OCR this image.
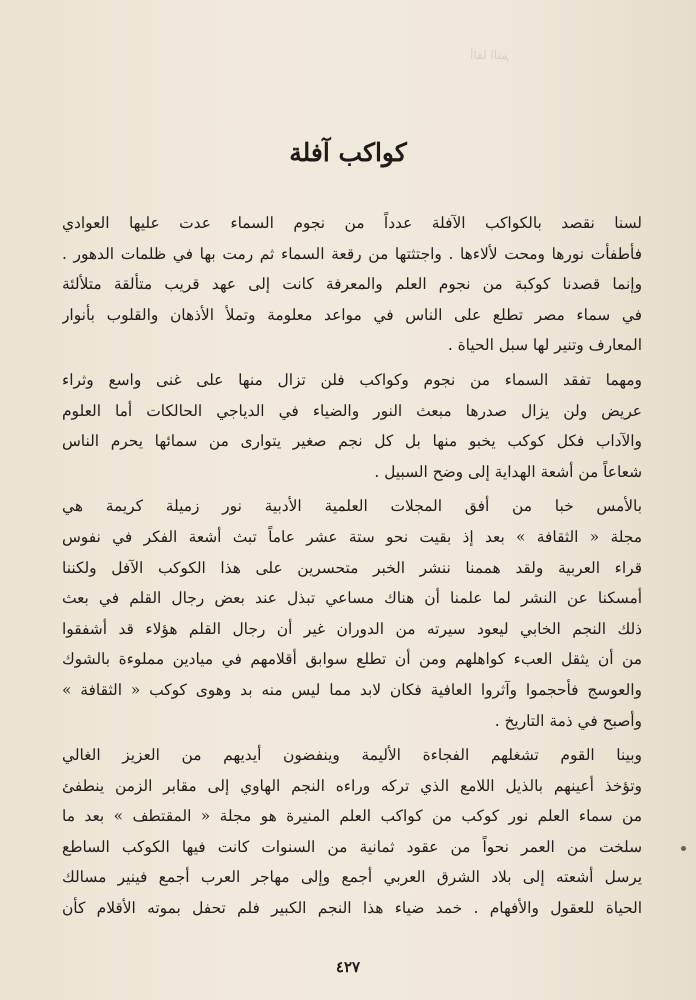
ألقا التم
كواكب آفلة
لسنا نقصد بالكواكب الآفلة عدداً من نجوم السماء عدت عليها العوادي
فأطفأت نورها ومحت لألاءها . واجتثتها من رقعة السماء ثم رمت بها في ظلمات الدهور .
وإنما قصدنا كوكبة من نجوم العلم والمعرفة كانت إلى عهد قريب متألقة متلألئة
في سماء مصر تطلع على الناس في مواعد معلومة وتملأ الأذهان والقلوب بأنوار
المعارف وتنير لها سبل الحياة .
ومهما تفقد السماء من نجوم وكواكب فلن تزال منها على غنى واسع وثراء
عريض ولن يزال صدرها مبعث النور والضياء في الدياجي الحالكات أما العلوم
والآداب فكل كوكب يخبو منها بل كل نجم صغير يتوارى من سمائها يحرم الناس
شعاعاً من أشعة الهداية إلى وضح السبيل .
بالأمس خبا من أفق المجلات العلمية الأدبية نور زميلة كريمة هي
مجلة « الثقافة » بعد إذ بقيت نحو ستة عشر عاماً تبث أشعة الفكر في نفوس
قراء العربية ولقد هممنا ننشر الخبر متحسرين على هذا الكوكب الآفل ولكننا
أمسكنا عن النشر لما علمنا أن هناك مساعي تبذل عند بعض رجال القلم في بعث
ذلك النجم الخابي ليعود سيرته من الدوران غير أن رجال القلم هؤلاء قد أشفقوا
من أن يثقل العبء كواهلهم ومن أن تطلع سوابق أقلامهم في ميادين مملوءة بالشوك
والعوسج فأحجموا وآثروا العافية فكان لابد مما ليس منه بد وهوى كوكب « الثقافة »
وأصبح في ذمة التاريخ .
وبينا القوم تشغلهم الفجاءة الأليمة وينفضون أيديهم من العزيز الغالي
وتؤخذ أعينهم بالذيل اللامع الذي تركه وراءه النجم الهاوي إلى مقابر الزمن ينطفئ
من سماء العلم نور كوكب من كواكب العلم المنيرة هو مجلة « المقتطف » بعد ما
سلخت من العمر نحواً من عقود ثمانية من السنوات كانت فيها الكوكب الساطع
يرسل أشعته إلى بلاد الشرق العربي أجمع وإلى مهاجر العرب أجمع فينير مسالك
الحياة للعقول والأفهام . خمد ضياء هذا النجم الكبير فلم تحفل بموته الأقلام كأن
٤٢٧
